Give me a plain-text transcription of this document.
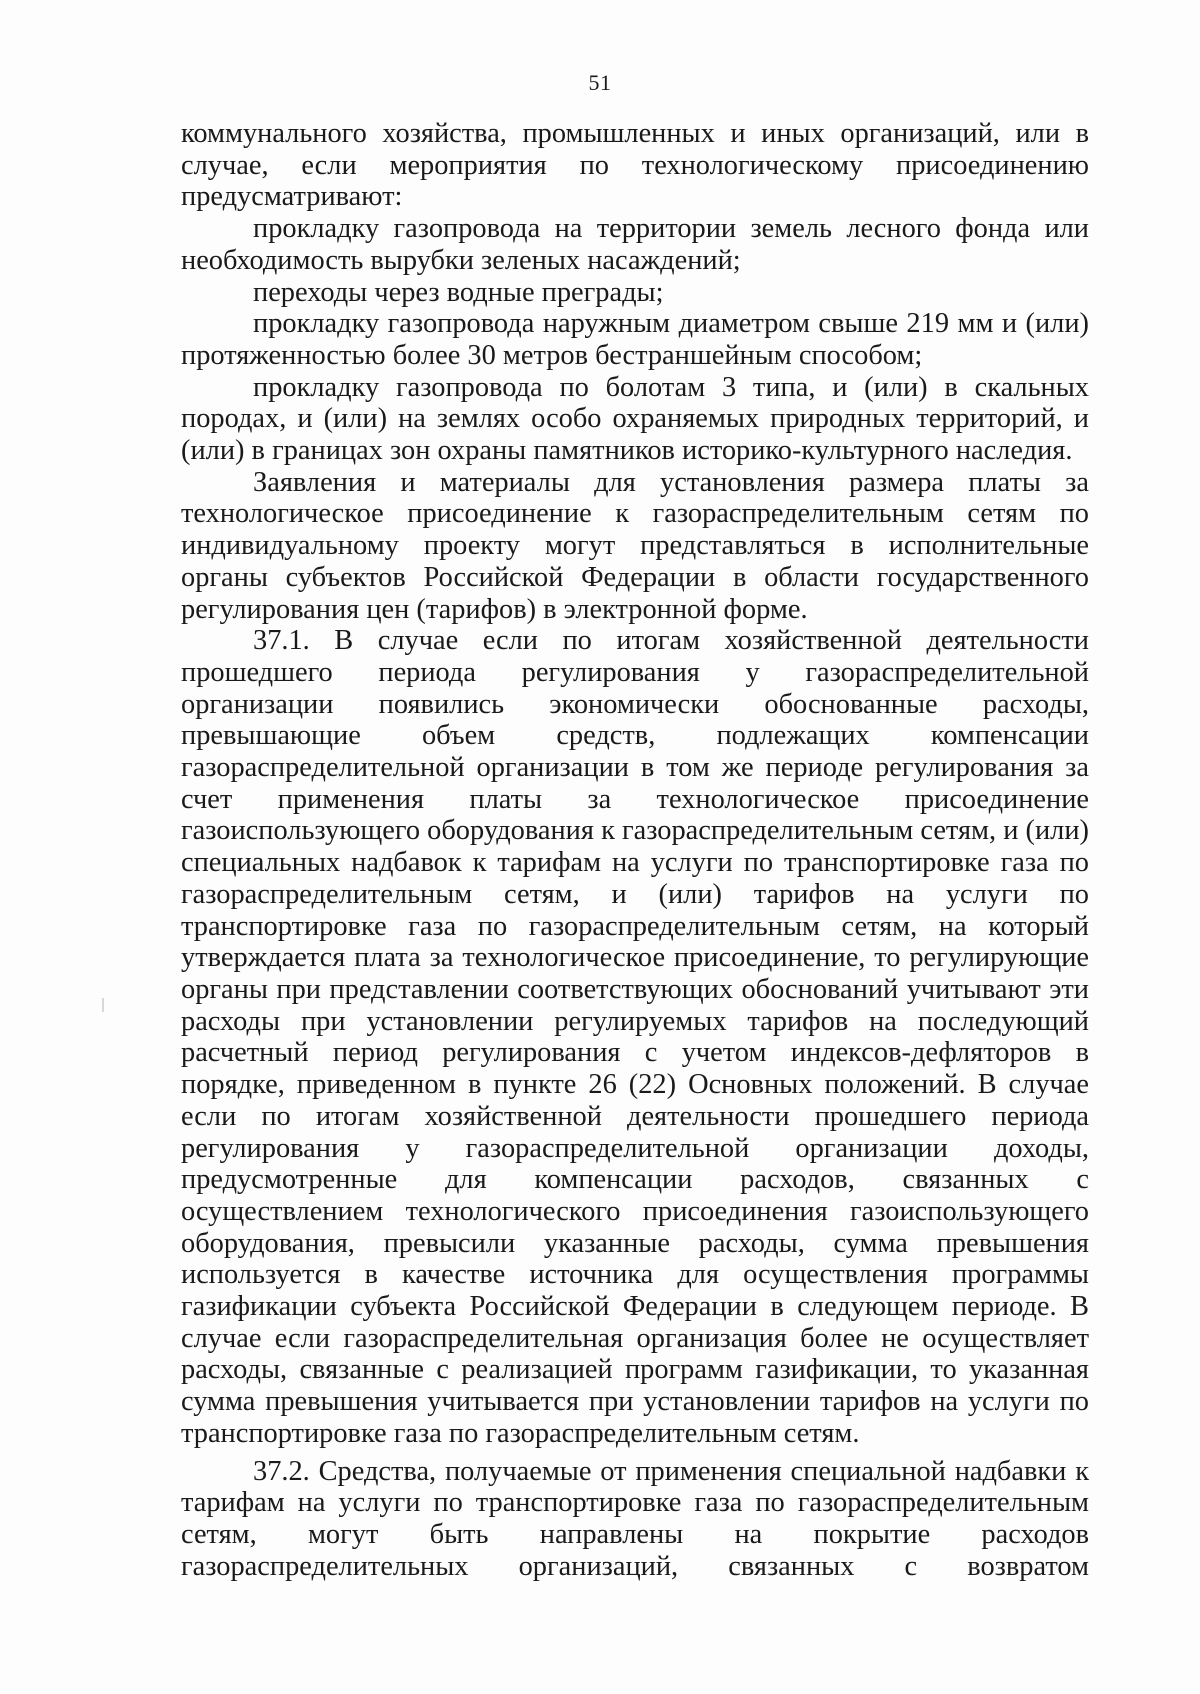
51

коммунального хозяйства, промышленных и иных организаций, или в случае, если мероприятия по технологическому присоединению предусматривают:

прокладку газопровода на территории земель лесного фонда или необходимость вырубки зеленых насаждений;

переходы через водные преграды;

прокладку газопровода наружным диаметром свыше 219 мм и (или) протяженностью более 30 метров бестраншейным способом;

прокладку газопровода по болотам 3 типа, и (или) в скальных породах, и (или) на землях особо охраняемых природных территорий, и (или) в границах зон охраны памятников историко-культурного наследия.

Заявления и материалы для установления размера платы за технологическое присоединение к газораспределительным сетям по индивидуальному проекту могут представляться в исполнительные органы субъектов Российской Федерации в области государственного регулирования цен (тарифов) в электронной форме.

37.1. В случае если по итогам хозяйственной деятельности прошедшего периода регулирования у газораспределительной организации появились экономически обоснованные расходы, превышающие объем средств, подлежащих компенсации газораспределительной организации в том же периоде регулирования за счет применения платы за технологическое присоединение газоиспользующего оборудования к газораспределительным сетям, и (или) специальных надбавок к тарифам на услуги по транспортировке газа по газораспределительным сетям, и (или) тарифов на услуги по транспортировке газа по газораспределительным сетям, на который утверждается плата за технологическое присоединение, то регулирующие органы при представлении соответствующих обоснований учитывают эти расходы при установлении регулируемых тарифов на последующий расчетный период регулирования с учетом индексов-дефляторов в порядке, приведенном в пункте 26 (22) Основных положений. В случае если по итогам хозяйственной деятельности прошедшего периода регулирования у газораспределительной организации доходы, предусмотренные для компенсации расходов, связанных с осуществлением технологического присоединения газоиспользующего оборудования, превысили указанные расходы, сумма превышения используется в качестве источника для осуществления программы газификации субъекта Российской Федерации в следующем периоде. В случае если газораспределительная организация более не осуществляет расходы, связанные с реализацией программ газификации, то указанная сумма превышения учитывается при установлении тарифов на услуги по транспортировке газа по газораспределительным сетям.

37.2. Средства, получаемые от применения специальной надбавки к тарифам на услуги по транспортировке газа по газораспределительным сетям, могут быть направлены на покрытие расходов газораспределительных организаций, связанных с возвратом
